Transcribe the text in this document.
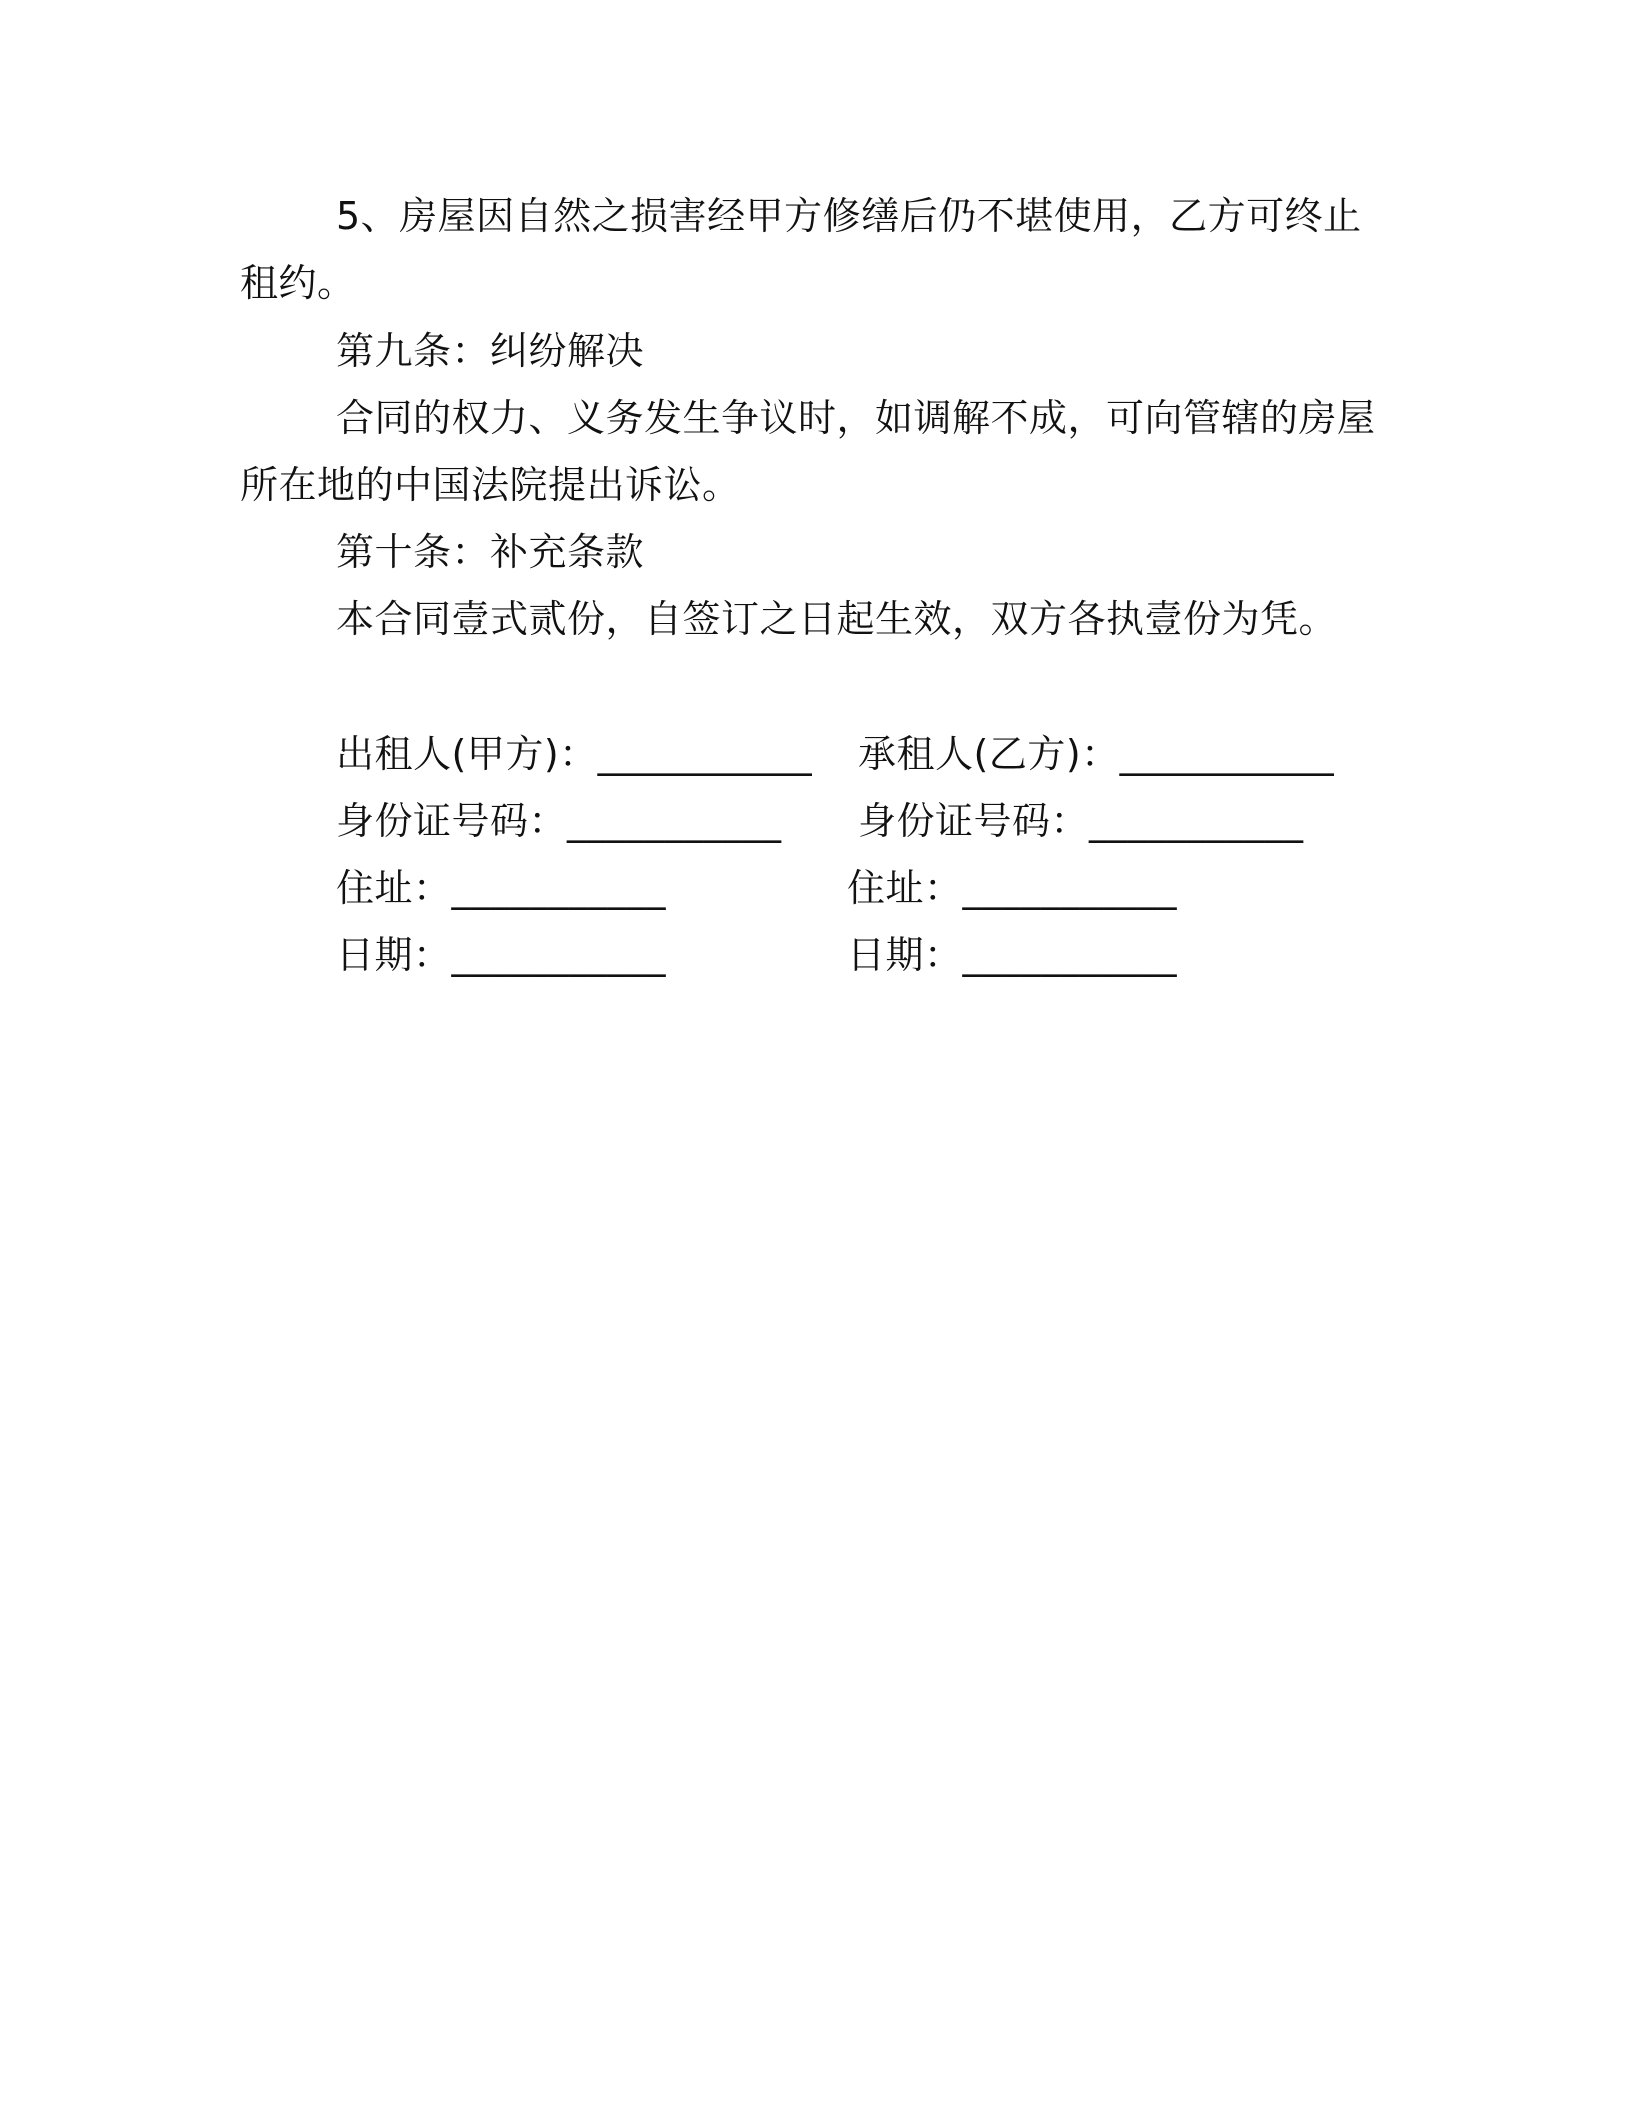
5、房屋因自然之损害经甲方修缮后仍不堪使用，乙方可终止租约。

第九条：纠纷解决

合同的权力、义务发生争议时，如调解不成，可向管辖的房屋所在地的中国法院提出诉讼。

第十条：补充条款

本合同壹式贰份，自签订之日起生效，双方各执壹份为凭。

出租人(甲方)：___________ 承租人(乙方)：___________
身份证号码：___________ 身份证号码：___________
住址：___________	住址：___________
日期：___________	日期：___________
